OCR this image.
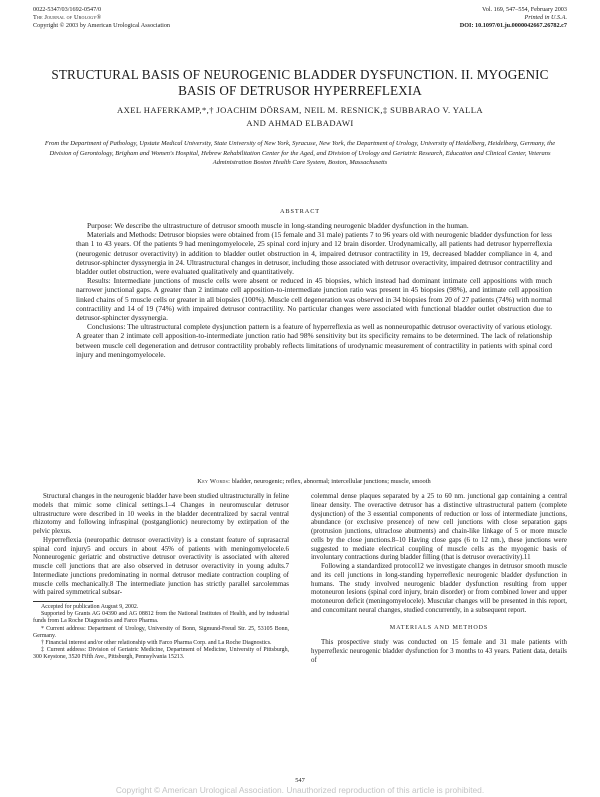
0022-5347/03/1692-0547/0
The Journal of Urology®
Copyright © 2003 by American Urological Association
Vol. 169, 547–554, February 2003
Printed in U.S.A.
DOI: 10.1097/01.ju.0000042667.26782.c7
STRUCTURAL BASIS OF NEUROGENIC BLADDER DYSFUNCTION. II. MYOGENIC BASIS OF DETRUSOR HYPERREFLEXIA
AXEL HAFERKAMP,*,† JOACHIM DÖRSAM, NEIL M. RESNICK,‡ SUBBARAO V. YALLA
AND AHMAD ELBADAWI
From the Department of Pathology, Upstate Medical University, State University of New York, Syracuse, New York, the Department of Urology, University of Heidelberg, Heidelberg, Germany, the Division of Gerontology, Brigham and Women's Hospital, Hebrew Rehabilitation Center for the Aged, and Division of Urology and Geriatric Research, Education and Clinical Center, Veterans Administration Boston Health Care System, Boston, Massachusetts
ABSTRACT

Purpose: We describe the ultrastructure of detrusor smooth muscle in long-standing neurogenic bladder dysfunction in the human.

Materials and Methods: Detrusor biopsies were obtained from (15 female and 31 male) patients 7 to 96 years old with neurogenic bladder dysfunction for less than 1 to 43 years. Of the patients 9 had meningomyelocele, 25 spinal cord injury and 12 brain disorder. Urodynamically, all patients had detrusor hyperreflexia (neurogenic detrusor overactivity) in addition to bladder outlet obstruction in 4, impaired detrusor contractility in 19, decreased bladder compliance in 4, and detrusor-sphincter dyssynergia in 24. Ultrastructural changes in detrusor, including those associated with detrusor overactivity, impaired detrusor contractility and bladder outlet obstruction, were evaluated qualitatively and quantitatively.

Results: Intermediate junctions of muscle cells were absent or reduced in 45 biopsies, which instead had dominant intimate cell appositions with much narrower junctional gaps. A greater than 2 intimate cell apposition-to-intermediate junction ratio was present in 45 biopsies (98%), and intimate cell apposition linked chains of 5 muscle cells or greater in all biopsies (100%). Muscle cell degeneration was observed in 34 biopsies from 20 of 27 patients (74%) with normal contractility and 14 of 19 (74%) with impaired detrusor contractility. No particular changes were associated with functional bladder outlet obstruction due to detrusor-sphincter dyssynergia.

Conclusions: The ultrastructural complete dysjunction pattern is a feature of hyperreflexia as well as nonneuropathic detrusor overactivity of various etiology. A greater than 2 intimate cell apposition-to-intermediate junction ratio had 98% sensitivity but its specificity remains to be determined. The lack of relationship between muscle cell degeneration and detrusor contractility probably reflects limitations of urodynamic measurement of contractility in patients with spinal cord injury and meningomyelocele.

Key Words: bladder, neurogenic; reflex, abnormal; intercellular junctions; muscle, smooth

Structural changes in the neurogenic bladder have been studied ultrastructurally in feline models that mimic some clinical settings.1–4 Changes in neuromuscular detrusor ultrastructure were described in 10 weeks in the bladder decentralized by sacral ventral rhizotomy and following infraspinal (postganglionic) neurectomy by extirpation of the pelvic plexus.

Hyperreflexia (neuropathic detrusor overactivity) is a constant feature of suprasacral spinal cord injury5 and occurs in about 45% of patients with meningomyelocele.6 Nonneurogenic geriatric and obstructive detrusor overactivity is associated with altered muscle cell junctions that are also observed in detrusor overactivity in young adults.7 Intermediate junctions predominating in normal detrusor mediate contraction coupling of muscle cells mechanically.8 The intermediate junction has strictly parallel sarcolemmas with paired symmetrical subsar-

Accepted for publication August 9, 2002.

Supported by Grants AG 04390 and AG 08812 from the National Institutes of Health, and by industrial funds from La Roche Diagnostics and Farco Pharma.

* Current address: Department of Urology, University of Bonn, Sigmund-Freud Str. 25, 53105 Bonn, Germany.

† Financial interest and/or other relationship with Farco Pharma Corp. and La Roche Diagnostics.

‡ Current address: Division of Geriatric Medicine, Department of Medicine, University of Pittsburgh, 300 Keystone, 3520 Fifth Ave., Pittsburgh, Pennsylvania 15213.

colemmal dense plaques separated by a 25 to 60 nm. junctional gap containing a central linear density. The overactive detrusor has a distinctive ultrastructural pattern (complete dysjunction) of the 3 essential components of reduction or loss of intermediate junctions, abundance (or exclusive presence) of new cell junctions with close separation gaps (protrusion junctions, ultraclose abutments) and chain-like linkage of 5 or more muscle cells by the close junctions.8–10 Having close gaps (6 to 12 nm.), these junctions were suggested to mediate electrical coupling of muscle cells as the myogenic basis of involuntary contractions during bladder filling (that is detrusor overactivity).11

Following a standardized protocol12 we investigate changes in detrusor smooth muscle and its cell junctions in long-standing hyperreflexic neurogenic bladder dysfunction in humans. The study involved neurogenic bladder dysfunction resulting from upper motoneuron lesions (spinal cord injury, brain disorder) or from combined lower and upper motoneuron deficit (meningomyelocele). Muscular changes will be presented in this report, and concomitant neural changes, studied concurrently, in a subsequent report.

MATERIALS AND METHODS

This prospective study was conducted on 15 female and 31 male patients with hyperreflexic neurogenic bladder dysfunction for 3 months to 43 years. Patient data, details of

547
Copyright © American Urological Association. Unauthorized reproduction of this article is prohibited.
